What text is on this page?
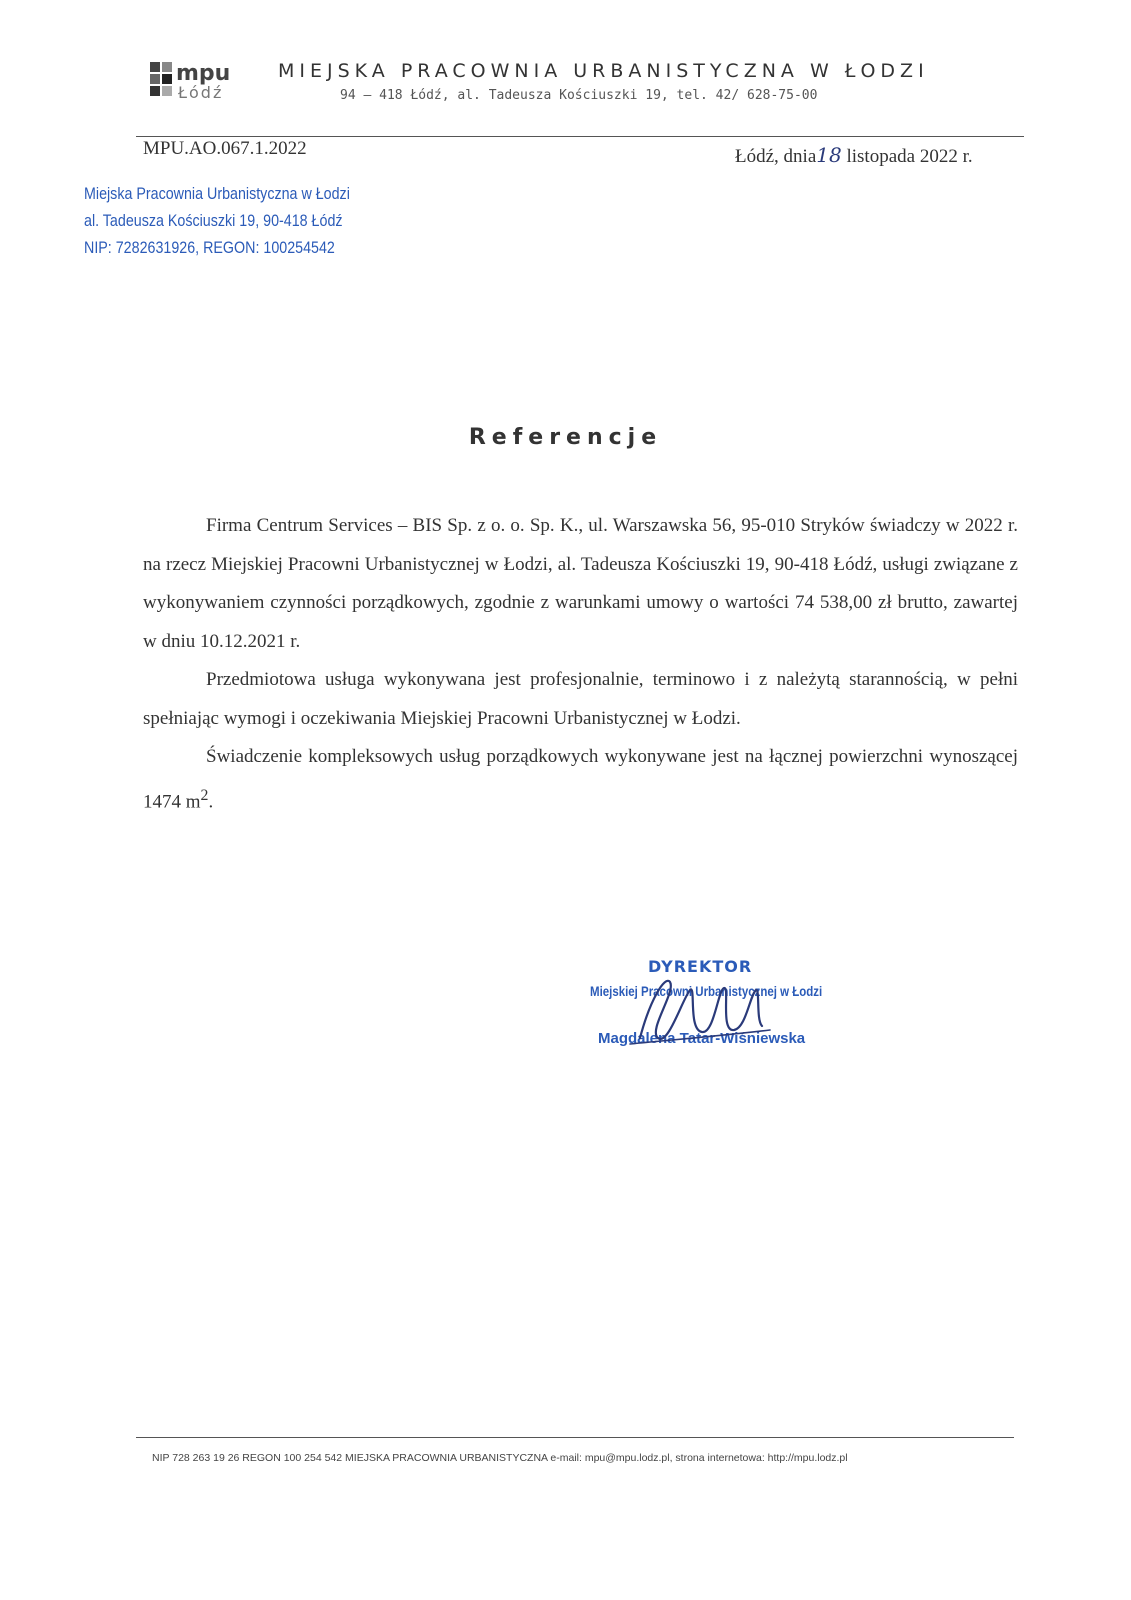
mpu
Łódź
MIEJSKA PRACOWNIA URBANISTYCZNA W ŁODZI
94 – 418 Łódź, al. Tadeusza Kościuszki 19, tel. 42/ 628-75-00
MPU.AO.067.1.2022	Łódź, dnia18 listopada 2022 r.
Miejska Pracownia Urbanistyczna w Łodzi
al. Tadeusza Kościuszki 19, 90-418 Łódź
NIP: 7282631926, REGON: 100254542
Referencje

Firma Centrum Services – BIS Sp. z o. o. Sp. K., ul. Warszawska 56, 95-010 Stryków świadczy w 2022 r. na rzecz Miejskiej Pracowni Urbanistycznej w Łodzi, al. Tadeusza Kościuszki 19, 90-418 Łódź, usługi związane z wykonywaniem czynności porządkowych, zgodnie z warunkami umowy o wartości 74 538,00 zł brutto, zawartej w dniu 10.12.2021 r.

Przedmiotowa usługa wykonywana jest profesjonalnie, terminowo i z należytą starannością, w pełni spełniając wymogi i oczekiwania Miejskiej Pracowni Urbanistycznej w Łodzi.

Świadczenie kompleksowych usług porządkowych wykonywane jest na łącznej powierzchni wynoszącej 1474 $m^2$.

DYREKTOR
Miejskiej Pracowni Urbanistycznej w Łodzi
Magdalena Tatar-Wiśniewska
NIP 728 263 19 26 REGON 100 254 542 MIEJSKA PRACOWNIA URBANISTYCZNA e-mail: mpu@mpu.lodz.pl, strona internetowa: http://mpu.lodz.pl
